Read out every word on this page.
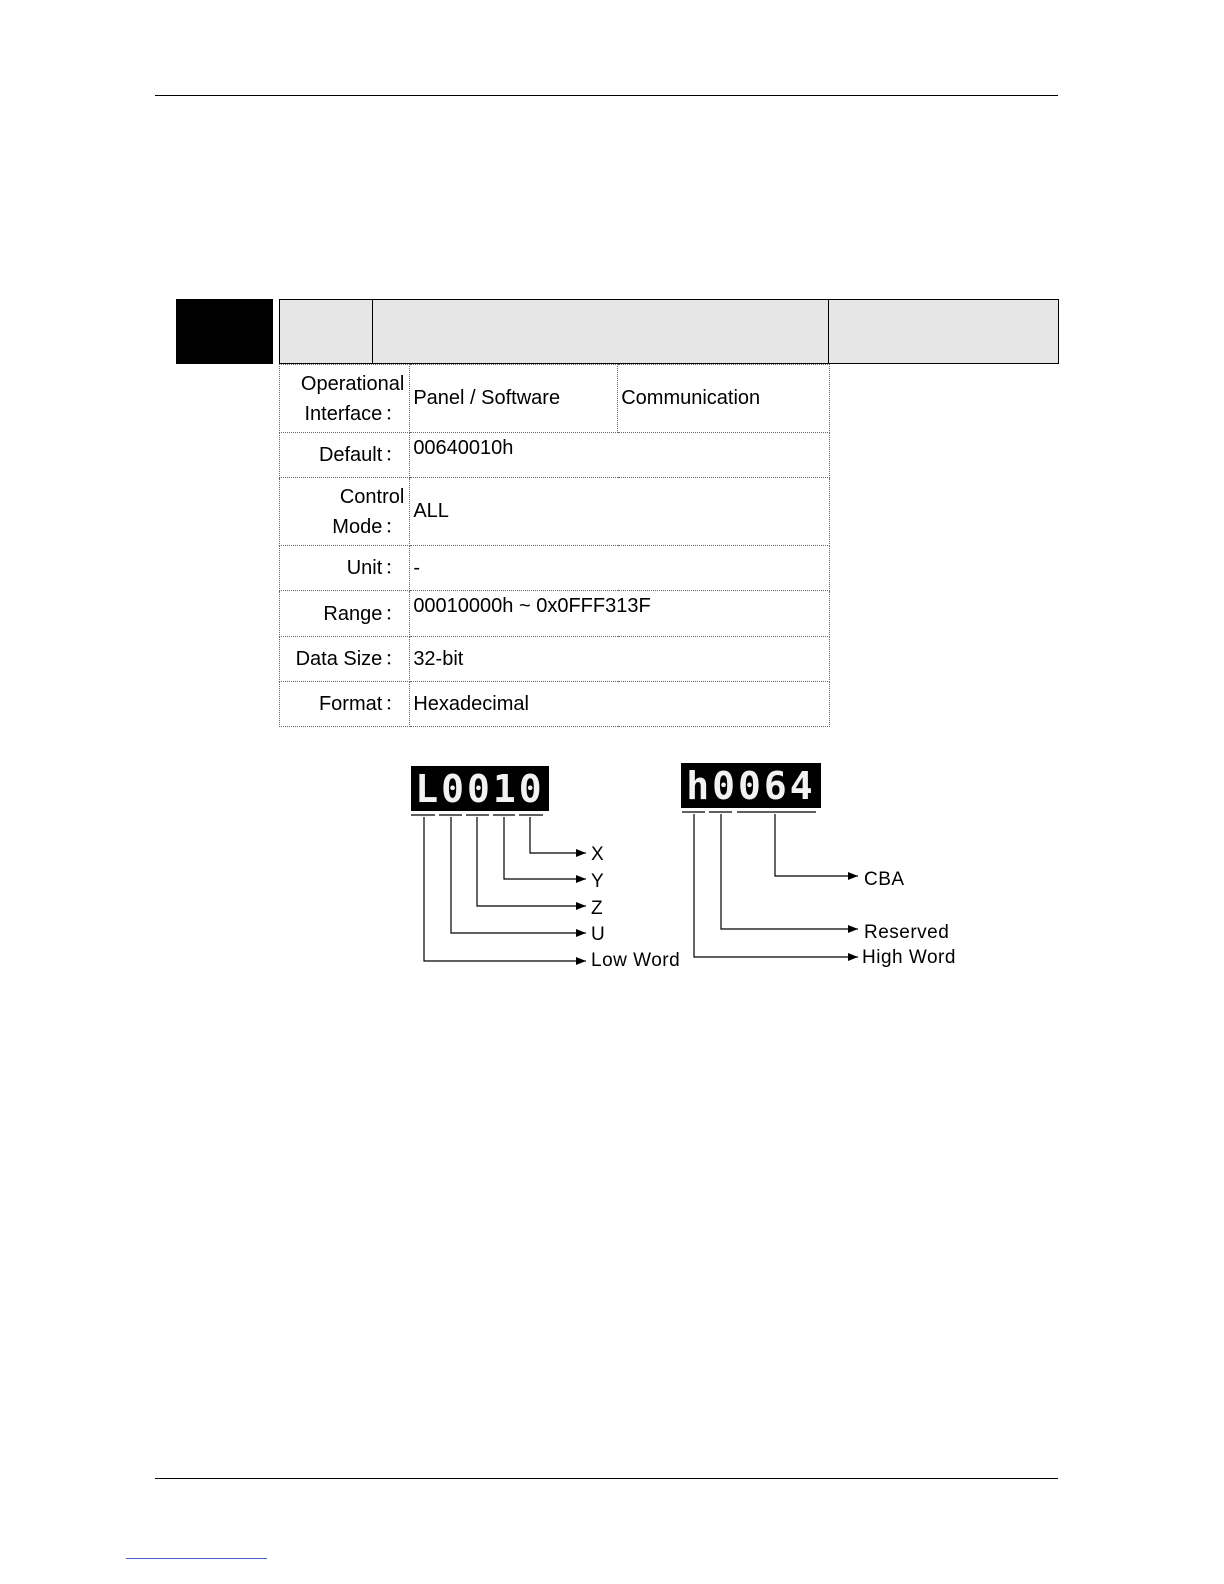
Operational
Interface ：	Panel / Software	Communication
Default ：	00640010h	

Control
Mode ：	ALL	
Unit ：	-	
Range ：	00010000h ~ 0x0FFF313F	
Data Size ：	32-bit	
Format ：	Hexadecimal	
L0010	h0064
X
Y
Z
U
Low Word
CBA
Reserved
High Word
